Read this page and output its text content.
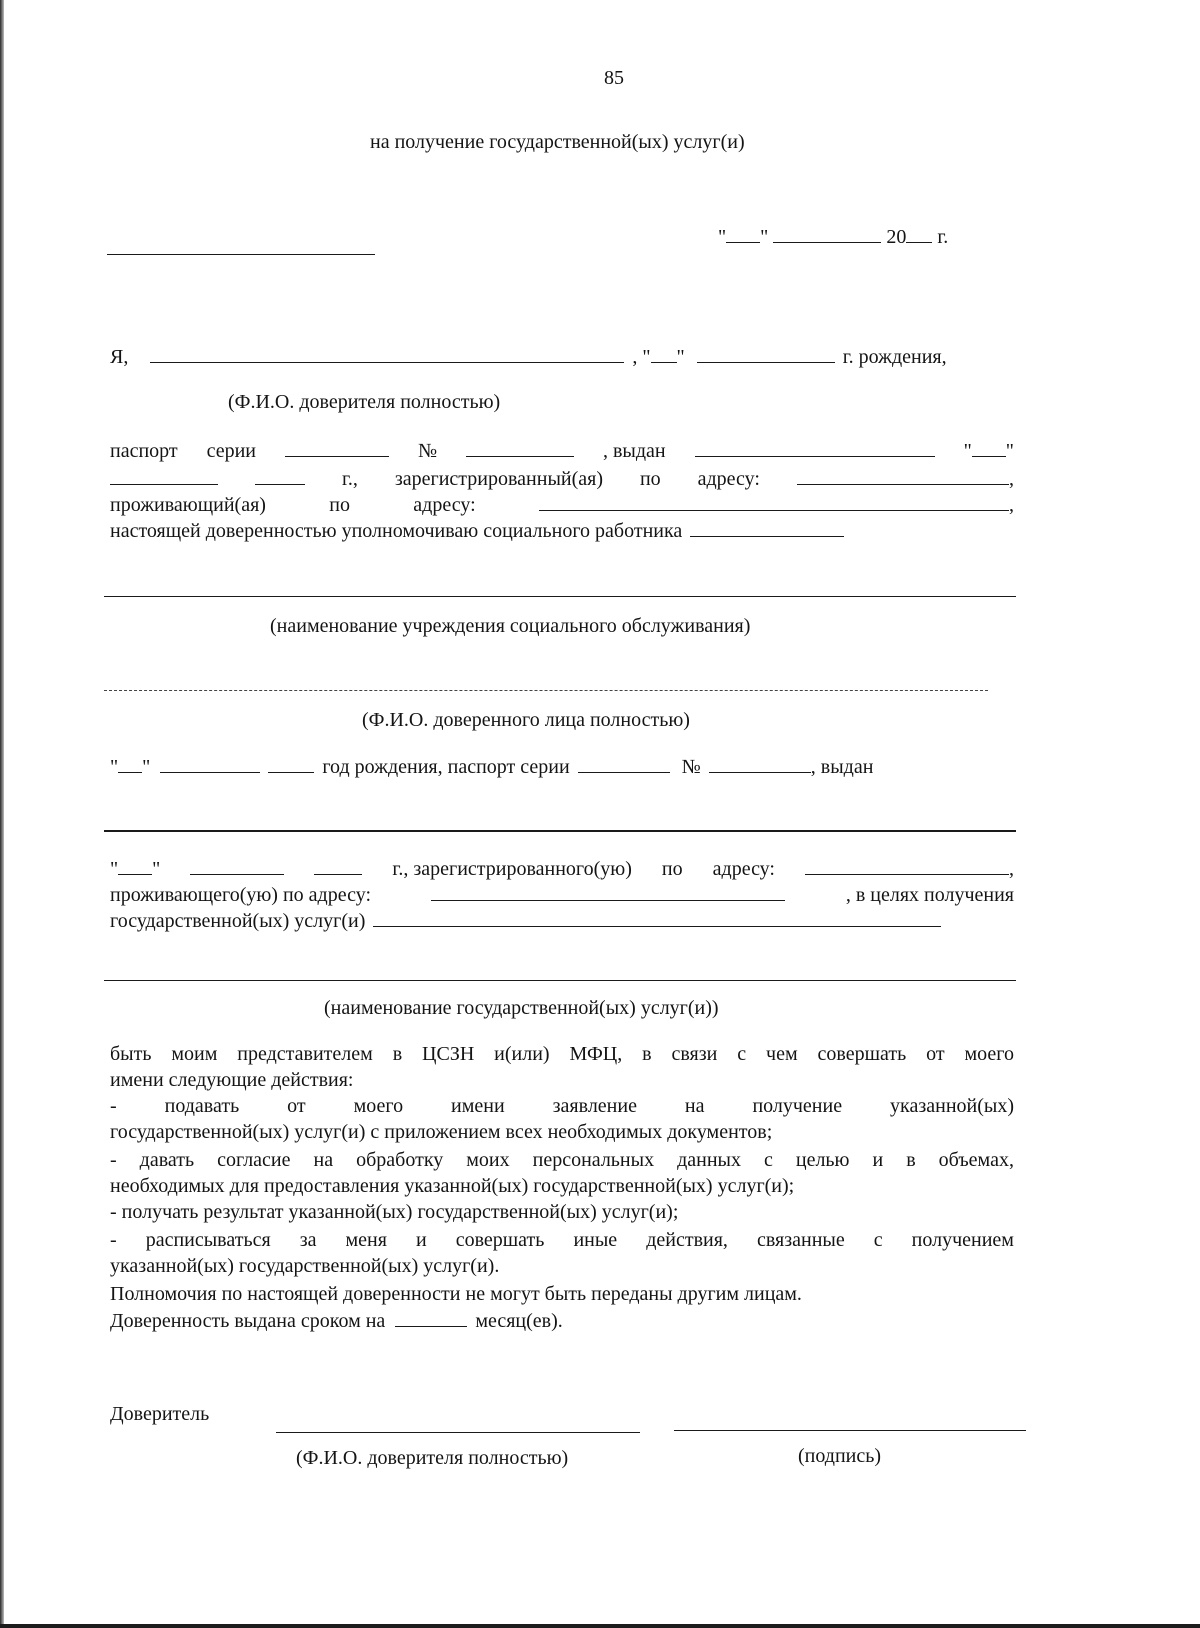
85
на получение государственной(ых) услуг(и)
" "	20 г.
Я,	, " "	г. рождения,
(Ф.И.О. доверителя полностью)
паспорт серии	№	, выдан	" "
г., зарегистрированный(ая) по адресу:	,
проживающий(ая)	по	адресу:	,
настоящей доверенностью уполномочиваю социального работника
(наименование учреждения социального обслуживания)
(Ф.И.О. доверенного лица полностью)
" "	год рождения, паспорт серии	№	, выдан
" "	г., зарегистрированного(ую) по адресу:	,
проживающего(ую) по адресу:	, в целях получения
государственной(ых) услуг(и)
(наименование государственной(ых) услуг(и))
быть моим представителем в ЦСЗН и(или) МФЦ, в связи с чем совершать от моего
имени следующие действия:
- подавать от моего имени заявление на получение указанной(ых)
государственной(ых) услуг(и) с приложением всех необходимых документов;
- давать согласие на обработку моих персональных данных с целью и в объемах,
необходимых для предоставления указанной(ых) государственной(ых) услуг(и);
- получать результат указанной(ых) государственной(ых) услуг(и);
- расписываться за меня и совершать иные действия, связанные с получением
указанной(ых) государственной(ых) услуг(и).
Полномочия по настоящей доверенности не могут быть переданы другим лицам.
Доверенность выдана сроком на	месяц(ев).
Доверитель
(Ф.И.О. доверителя полностью)	(подпись)
